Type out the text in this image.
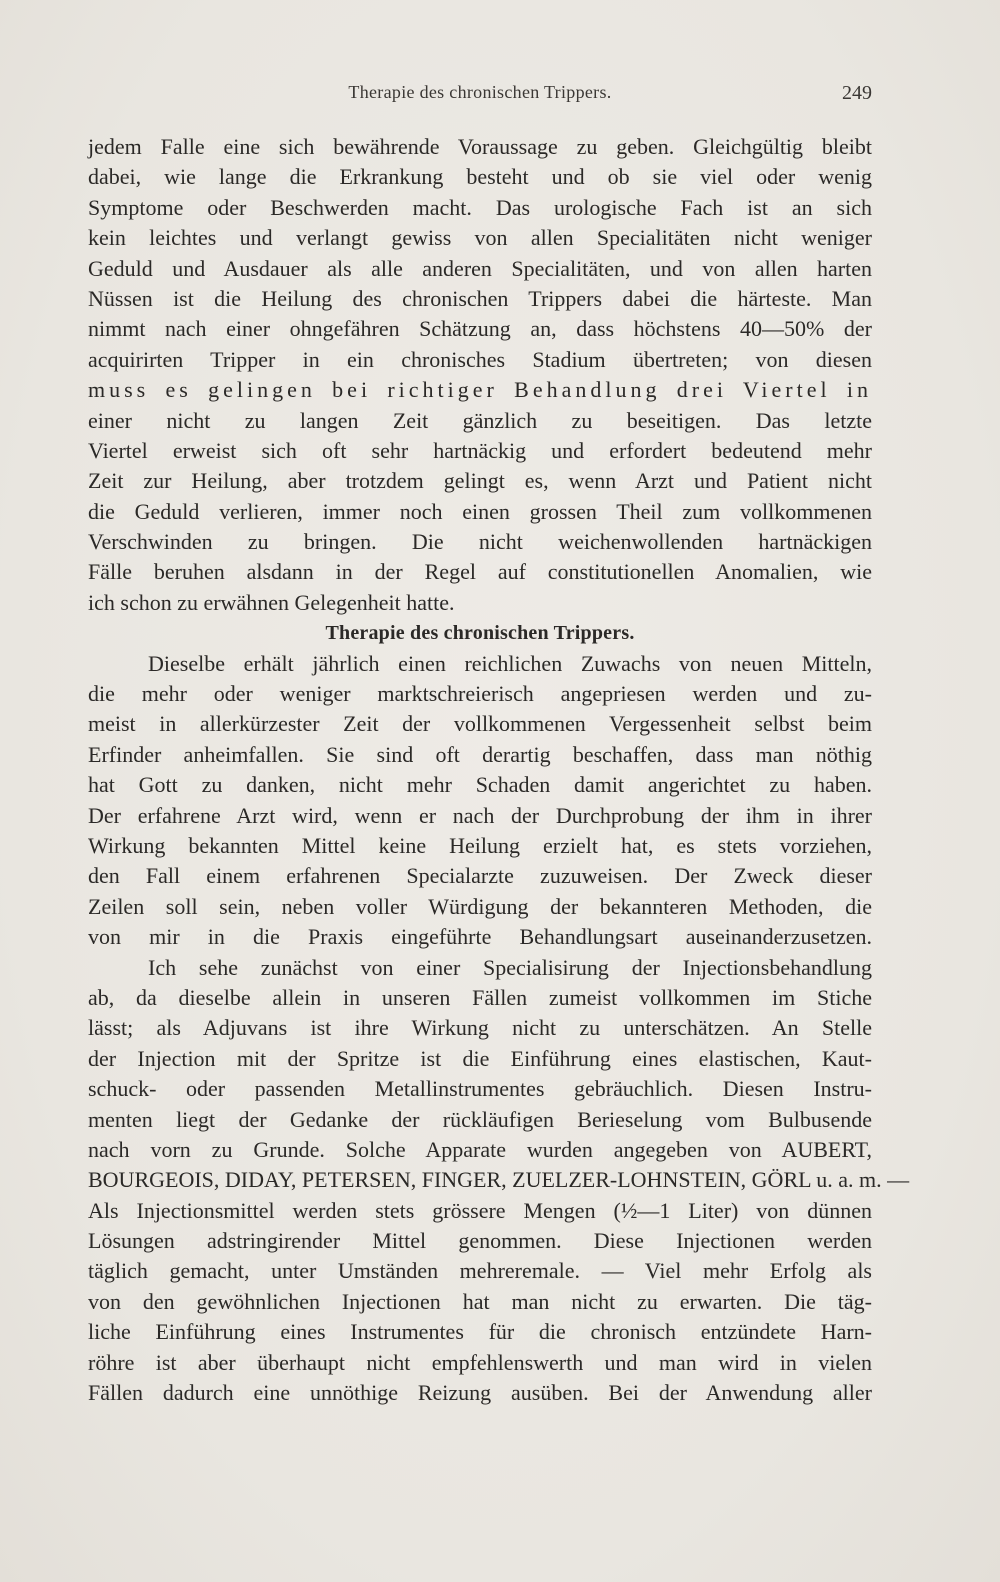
Therapie des chronischen Trippers.	249
jedem Falle eine sich bewährende Voraussage zu geben. Gleichgültig bleibt
dabei, wie lange die Erkrankung besteht und ob sie viel oder wenig
Symptome oder Beschwerden macht. Das urologische Fach ist an sich
kein leichtes und verlangt gewiss von allen Specialitäten nicht weniger
Geduld und Ausdauer als alle anderen Specialitäten, und von allen harten
Nüssen ist die Heilung des chronischen Trippers dabei die härteste. Man
nimmt nach einer ohngefähren Schätzung an, dass höchstens 40—50% der
acquirirten Tripper in ein chronisches Stadium übertreten; von diesen
muss es gelingen bei richtiger Behandlung drei Viertel in
einer nicht zu langen Zeit gänzlich zu beseitigen. Das letzte
Viertel erweist sich oft sehr hartnäckig und erfordert bedeutend mehr
Zeit zur Heilung, aber trotzdem gelingt es, wenn Arzt und Patient nicht
die Geduld verlieren, immer noch einen grossen Theil zum vollkommenen
Verschwinden zu bringen. Die nicht weichenwollenden hartnäckigen
Fälle beruhen alsdann in der Regel auf constitutionellen Anomalien, wie
ich schon zu erwähnen Gelegenheit hatte.
Therapie des chronischen Trippers.
Dieselbe erhält jährlich einen reichlichen Zuwachs von neuen Mitteln,
die mehr oder weniger marktschreierisch angepriesen werden und zu-
meist in allerkürzester Zeit der vollkommenen Vergessenheit selbst beim
Erfinder anheimfallen. Sie sind oft derartig beschaffen, dass man nöthig
hat Gott zu danken, nicht mehr Schaden damit angerichtet zu haben.
Der erfahrene Arzt wird, wenn er nach der Durchprobung der ihm in ihrer
Wirkung bekannten Mittel keine Heilung erzielt hat, es stets vorziehen,
den Fall einem erfahrenen Specialarzte zuzuweisen. Der Zweck dieser
Zeilen soll sein, neben voller Würdigung der bekannteren Methoden, die
von mir in die Praxis eingeführte Behandlungsart auseinanderzusetzen.
Ich sehe zunächst von einer Specialisirung der Injectionsbehandlung
ab, da dieselbe allein in unseren Fällen zumeist vollkommen im Stiche
lässt; als Adjuvans ist ihre Wirkung nicht zu unterschätzen. An Stelle
der Injection mit der Spritze ist die Einführung eines elastischen, Kaut-
schuck- oder passenden Metallinstrumentes gebräuchlich. Diesen Instru-
menten liegt der Gedanke der rückläufigen Berieselung vom Bulbusende
nach vorn zu Grunde. Solche Apparate wurden angegeben von AUBERT,
BOURGEOIS, DIDAY, PETERSEN, FINGER, ZUELZER-LOHNSTEIN, GÖRL u. a. m. —
Als Injectionsmittel werden stets grössere Mengen (½—1 Liter) von dünnen
Lösungen adstringirender Mittel genommen. Diese Injectionen werden
täglich gemacht, unter Umständen mehreremale. — Viel mehr Erfolg als
von den gewöhnlichen Injectionen hat man nicht zu erwarten. Die täg-
liche Einführung eines Instrumentes für die chronisch entzündete Harn-
röhre ist aber überhaupt nicht empfehlenswerth und man wird in vielen
Fällen dadurch eine unnöthige Reizung ausüben. Bei der Anwendung aller
